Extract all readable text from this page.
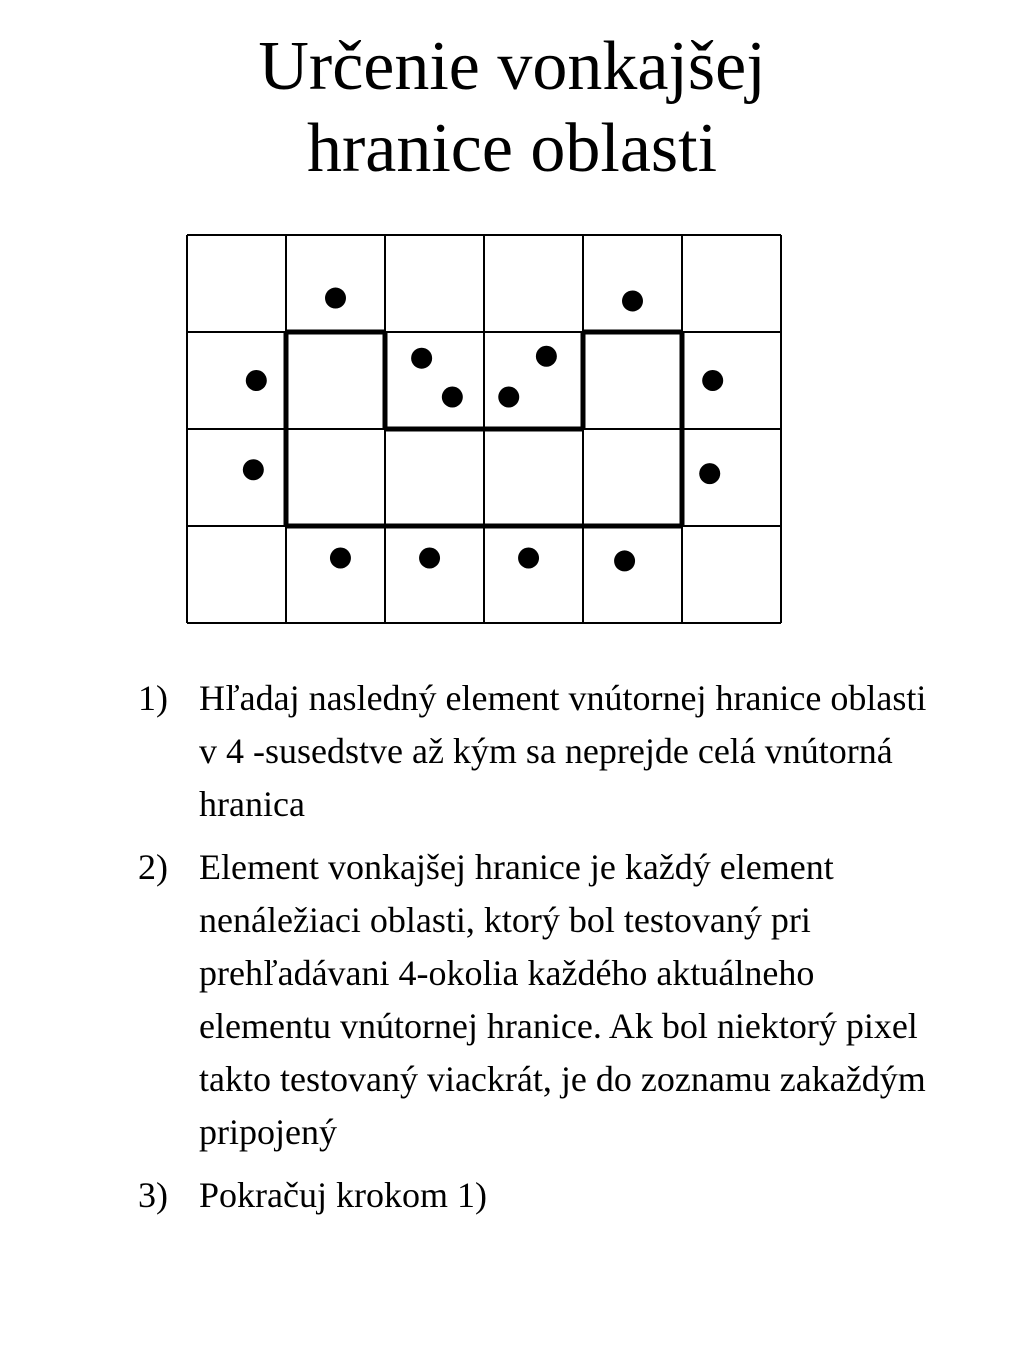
Určenie vonkajšej
hranice oblasti
1) Hľadaj nasledný element vnútornej hranice oblasti v 4 -susedstve až kým sa neprejde celá vnútorná hranica
2) Element vonkajšej hranice je každý element nenáležiaci oblasti, ktorý bol testovaný pri prehľadávani 4-okolia každého aktuálneho elementu vnútornej hranice. Ak bol niektorý pixel takto testovaný viackrát, je do zoznamu zakaždým pripojený
3) Pokračuj krokom 1)
